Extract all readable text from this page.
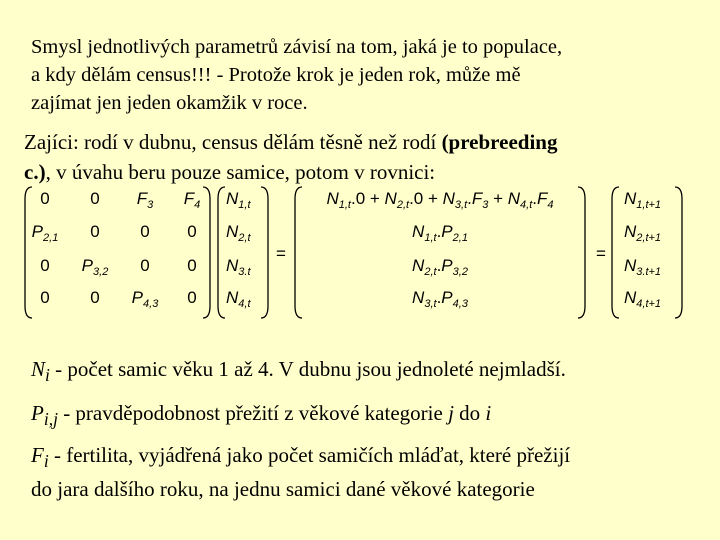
Smysl jednotlivých parametrů závisí na tom, jaká je to populace,
a kdy dělám census!!! - Protože krok je jeden rok, může mě
zajímat jen jeden okamžik v roce.

Zajíci: rodí v dubnu, census dělám těsně než rodí (prebreeding
c.), v úvahu beru pouze samice, potom v rovnici:

0 0 $F_3$ $F_4$
$P_{2,1}$ 0 0 0
0 $P_{3,2}$ 0 0
0 0 $P_{4,3}$ 0
$N_{1,t}$
$N_{2,t}$
$N_{3.t}$
$N_{4,t}$
=	=
$N_{1,t}.0 + N_{2,t}.0 + N_{3,t}.F_3 + N_{4,t}.F_4$
$N_{1,t}.P_{2,1}$
$N_{2,t}.P_{3,2}$
$N_{3,t}.P_{4,3}$
$N_{1,t+1}$
$N_{2,t+1}$
$N_{3.t+1}$
$N_{4,t+1}$

$N_i$ - počet samic věku 1 až 4. V dubnu jsou jednoleté nejmladší.

$P_{i,j}$ - pravděpodobnost přežití z věkové kategorie j do i

$F_i$ - fertilita, vyjádřená jako počet samičích mláďat, které přežijí
do jara dalšího roku, na jednu samici dané věkové kategorie
